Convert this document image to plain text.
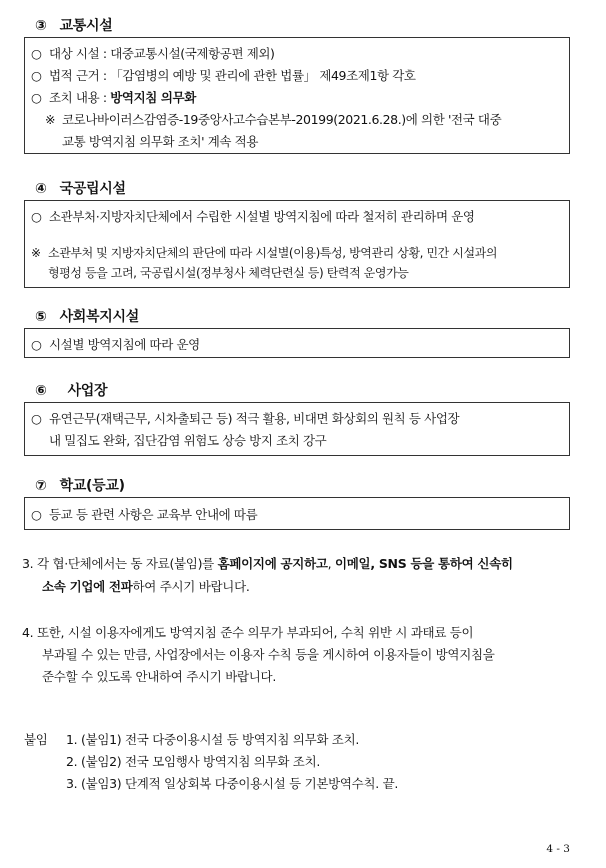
③ 교통시설
○ 대상 시설 : 대중교통시설(국제항공편 제외)
○ 법적 근거 : 「감염병의 예방 및 관리에 관한 법률」 제49조제1항 각호
○ 조치 내용 : 방역지침 의무화
※ 코로나바이러스감염증-19중앙사고수습본부-20199(2021.6.28.)에 의한 '전국 대중
교통 방역지침 의무화 조치' 계속 적용
④ 국공립시설
○ 소관부처·지방자치단체에서 수립한 시설별 방역지침에 따라 철저히 관리하며 운영
※ 소관부처 및 지방자치단체의 판단에 따라 시설별(이용)특성, 방역관리 상황, 민간 시설과의
형평성 등을 고려, 국공립시설(정부청사 체력단련실 등) 탄력적 운영가능
⑤ 사회복지시설
○ 시설별 방역지침에 따라 운영
⑥ 사업장
○ 유연근무(재택근무, 시차출퇴근 등) 적극 활용, 비대면 화상회의 원칙 등 사업장
내 밀집도 완화, 집단감염 위험도 상승 방지 조치 강구
⑦ 학교(등교)
○ 등교 등 관련 사항은 교육부 안내에 따름
3. 각 협·단체에서는 동 자료(붙임)를 홈페이지에 공지하고, 이메일, SNS 등을 통하여 신속히
소속 기업에 전파하여 주시기 바랍니다.
4. 또한, 시설 이용자에게도 방역지침 준수 의무가 부과되어, 수칙 위반 시 과태료 등이
부과될 수 있는 만큼, 사업장에서는 이용자 수칙 등을 게시하여 이용자들이 방역지침을
준수할 수 있도록 안내하여 주시기 바랍니다.
붙임 1. (붙임1) 전국 다중이용시설 등 방역지침 의무화 조치.
2. (붙임2) 전국 모임행사 방역지침 의무화 조치.
3. (붙임3) 단계적 일상회복 다중이용시설 등 기본방역수칙. 끝.
4 - 3
